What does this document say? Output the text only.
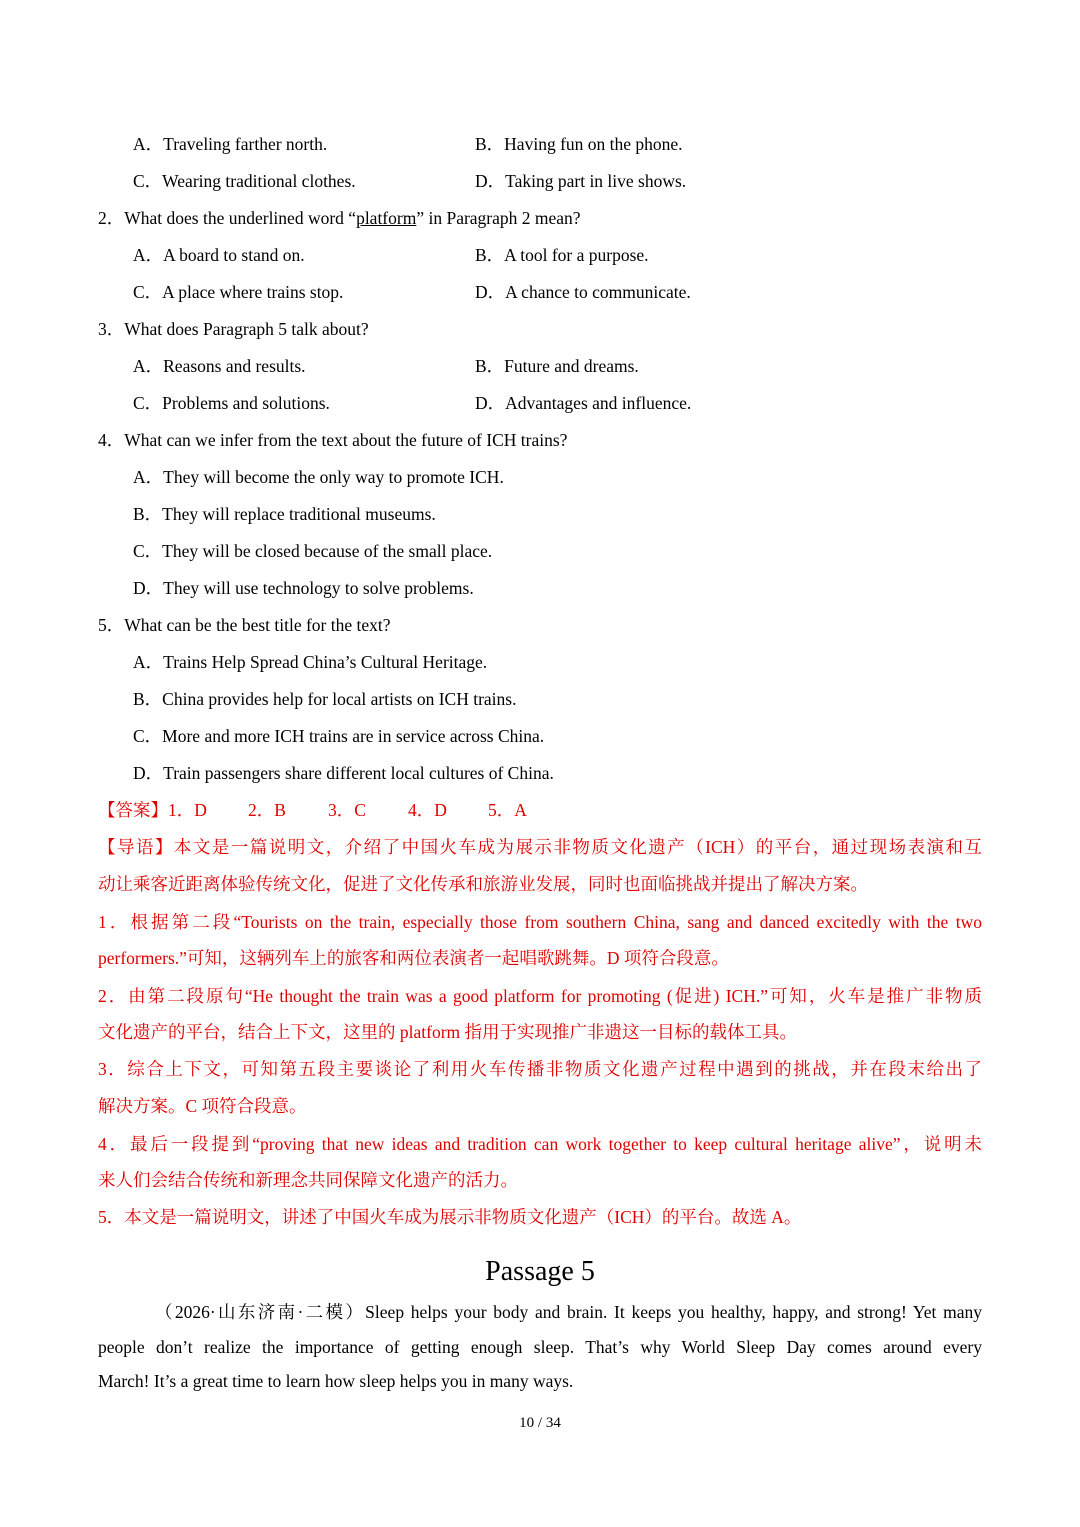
A．Traveling farther north.	B．Having fun on the phone.
C．Wearing traditional clothes.	D．Taking part in live shows.
2．What does the underlined word “platform” in Paragraph 2 mean?
A．A board to stand on.	B．A tool for a purpose.
C．A place where trains stop.	D．A chance to communicate.
3．What does Paragraph 5 talk about?
A．Reasons and results.	B．Future and dreams.
C．Problems and solutions.	D．Advantages and influence.
4．What can we infer from the text about the future of ICH trains?
A．They will become the only way to promote ICH.
B．They will replace traditional museums.
C．They will be closed because of the small place.
D．They will use technology to solve problems.
5．What can be the best title for the text?
A．Trains Help Spread China’s Cultural Heritage.
B．China provides help for local artists on ICH trains.
C．More and more ICH trains are in service across China.
D．Train passengers share different local cultures of China.
【答案】1．D 2．B 3．C 4．D 5．A
【导语】本文是一篇说明文，介绍了中国火车成为展示非物质文化遗产（ICH）的平台，通过现场表演和互
动让乘客近距离体验传统文化，促进了文化传承和旅游业发展，同时也面临挑战并提出了解决方案。
1．根据第二段“Tourists on the train, especially those from southern China, sang and danced excitedly with the two
performers.”可知，这辆列车上的旅客和两位表演者一起唱歌跳舞。D 项符合段意。
2．由第二段原句“He thought the train was a good platform for promoting (促进) ICH.”可知，火车是推广非物质
文化遗产的平台，结合上下文，这里的 platform 指用于实现推广非遗这一目标的载体工具。
3．综合上下文，可知第五段主要谈论了利用火车传播非物质文化遗产过程中遇到的挑战，并在段末给出了
解决方案。C 项符合段意。
4．最后一段提到“proving that new ideas and tradition can work together to keep cultural heritage alive”，说明未
来人们会结合传统和新理念共同保障文化遗产的活力。
5．本文是一篇说明文，讲述了中国火车成为展示非物质文化遗产（ICH）的平台。故选 A。
Passage 5
（2026·山东济南·二模）Sleep helps your body and brain. It keeps you healthy, happy, and strong! Yet many
people don’t realize the importance of getting enough sleep. That’s why World Sleep Day comes around every
March! It’s a great time to learn how sleep helps you in many ways.
10 / 34
